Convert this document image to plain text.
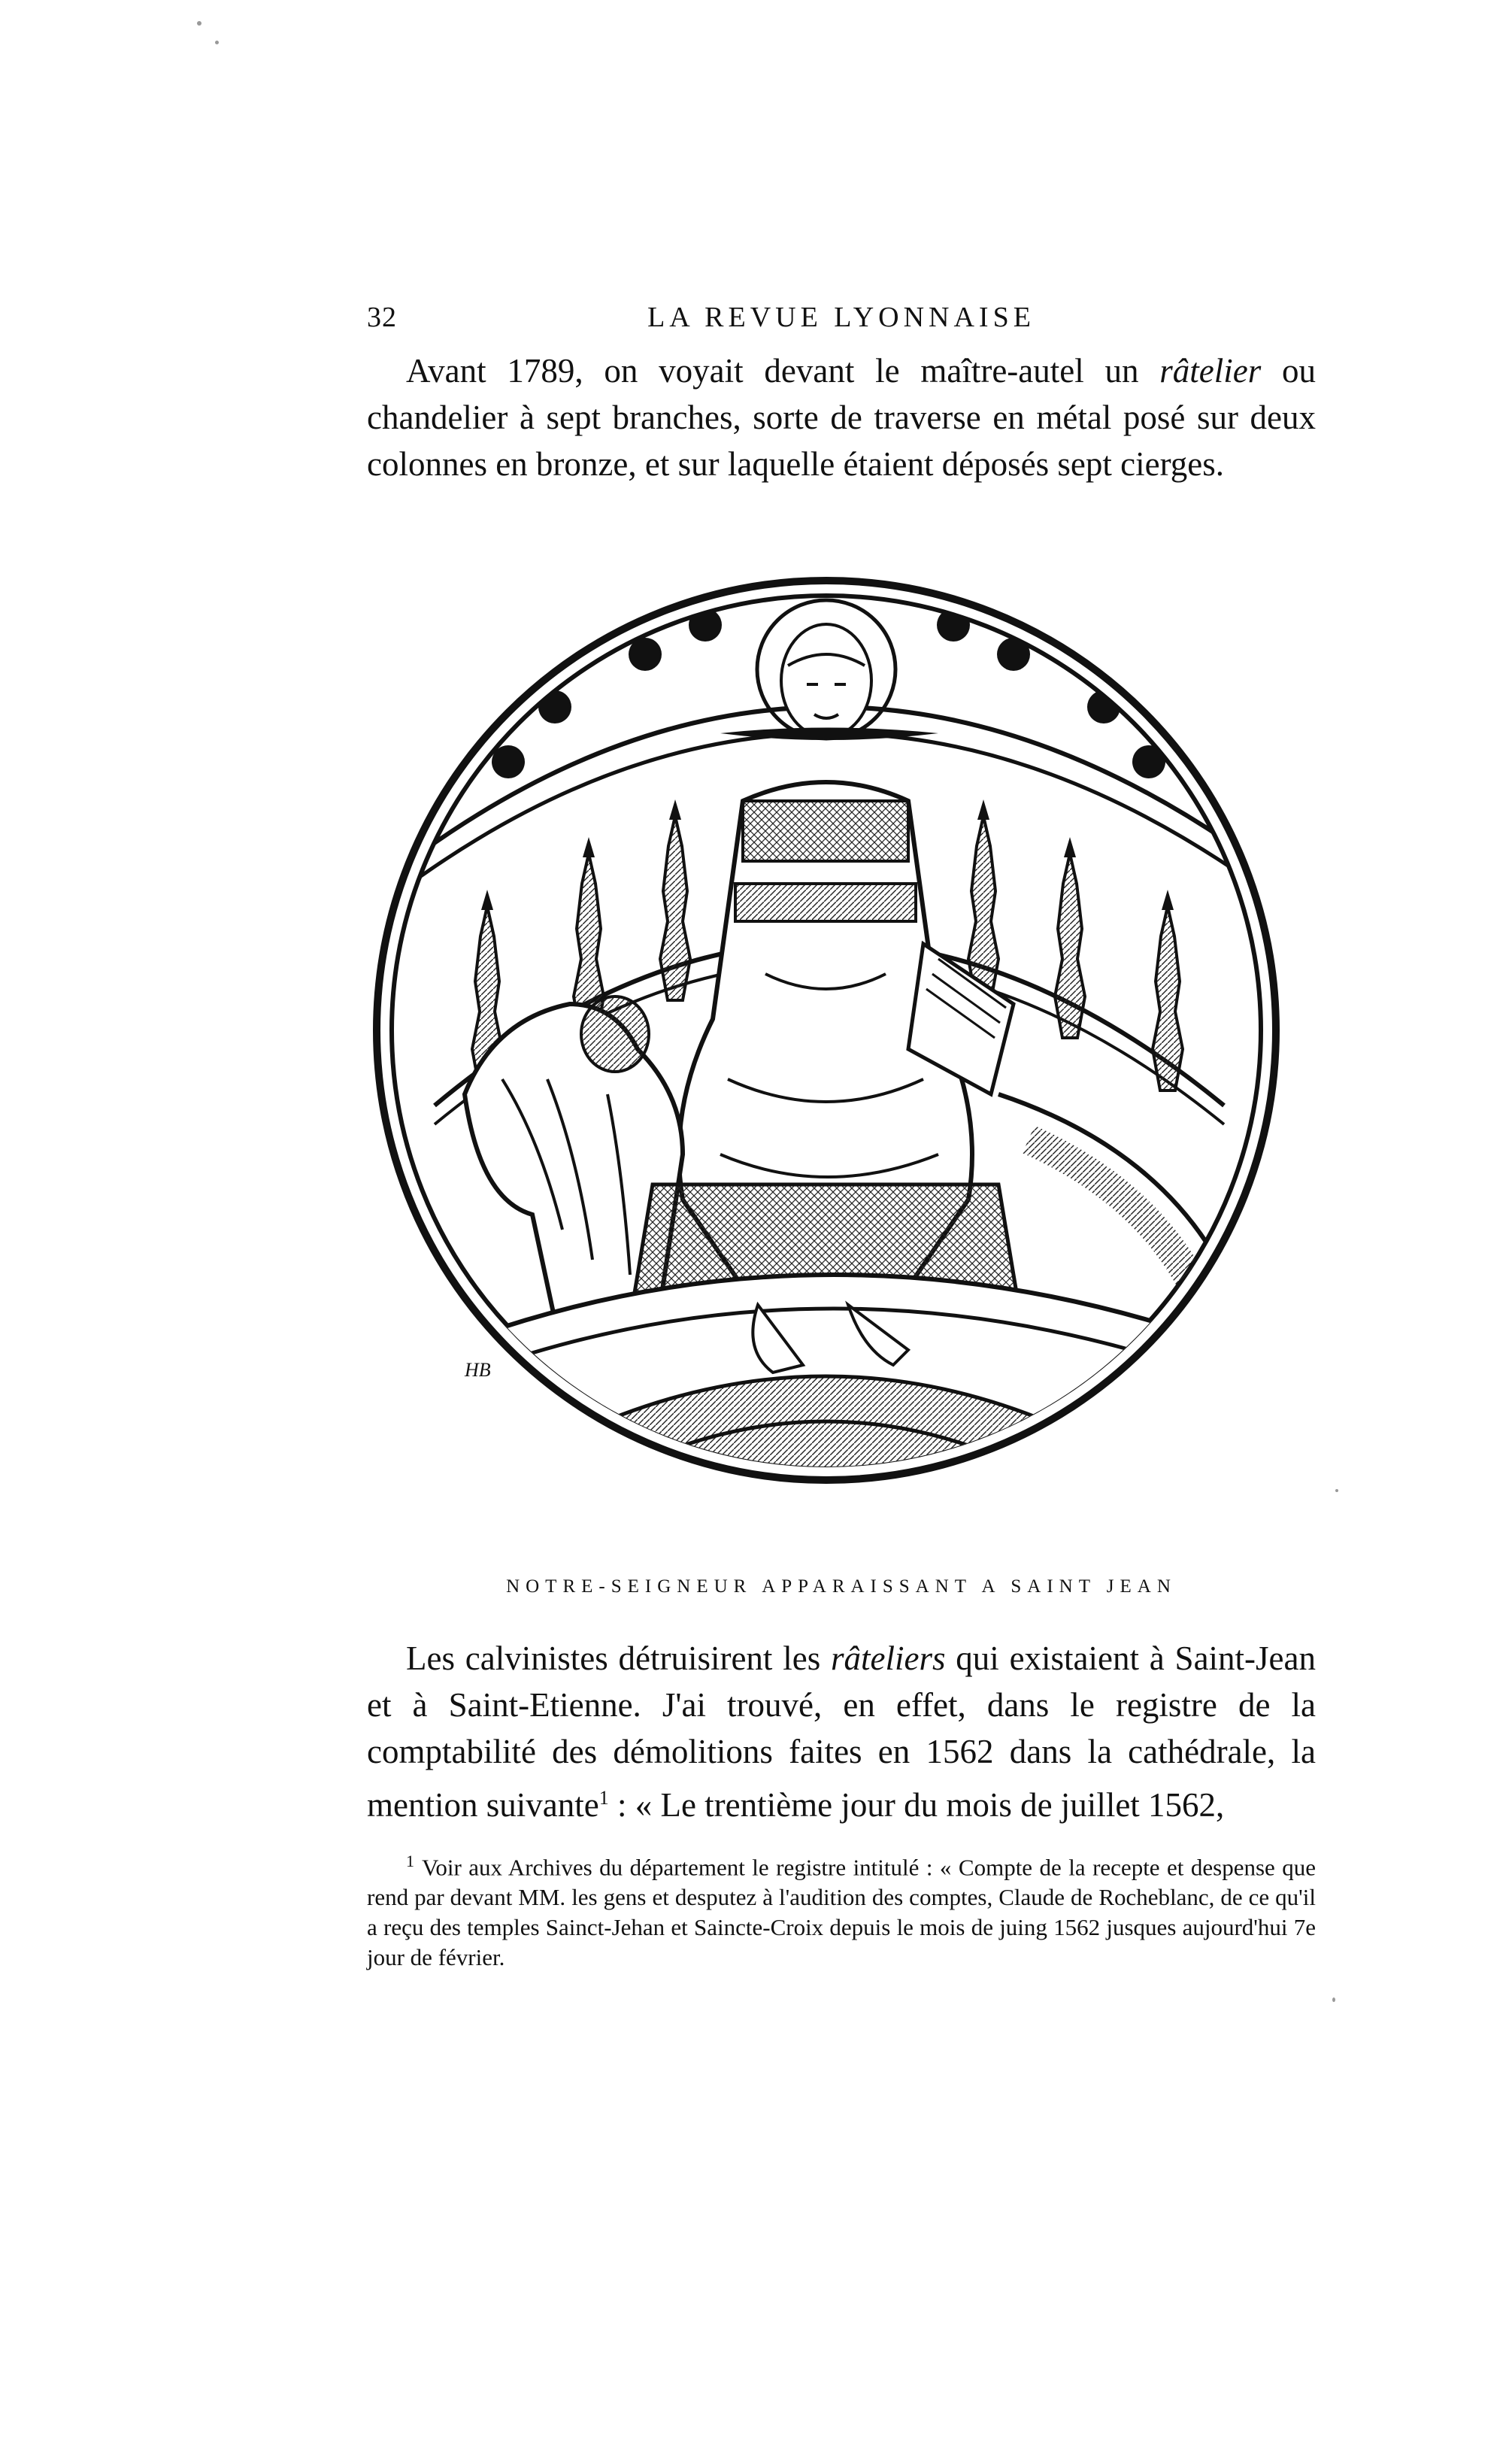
32	LA REVUE LYONNAISE
Avant 1789, on voyait devant le maître-autel un râtelier ou chandelier à sept branches, sorte de traverse en métal posé sur deux colonnes en bronze, et sur laquelle étaient déposés sept cierges.
HB
NOTRE-SEIGNEUR APPARAISSANT A SAINT JEAN
Les calvinistes détruisirent les râteliers qui existaient à Saint-Jean et à Saint-Etienne. J'ai trouvé, en effet, dans le registre de la comptabilité des démolitions faites en 1562 dans la cathédrale, la mention suivante$^1$ : « Le trentième jour du mois de juillet 1562,
$^1$ Voir aux Archives du département le registre intitulé : « Compte de la recepte et despense que rend par devant MM. les gens et desputez à l'audition des comptes, Claude de Rocheblanc, de ce qu'il a reçu des temples Sainct-Jehan et Saincte-Croix depuis le mois de juing 1562 jusques aujourd'hui 7e jour de février.
